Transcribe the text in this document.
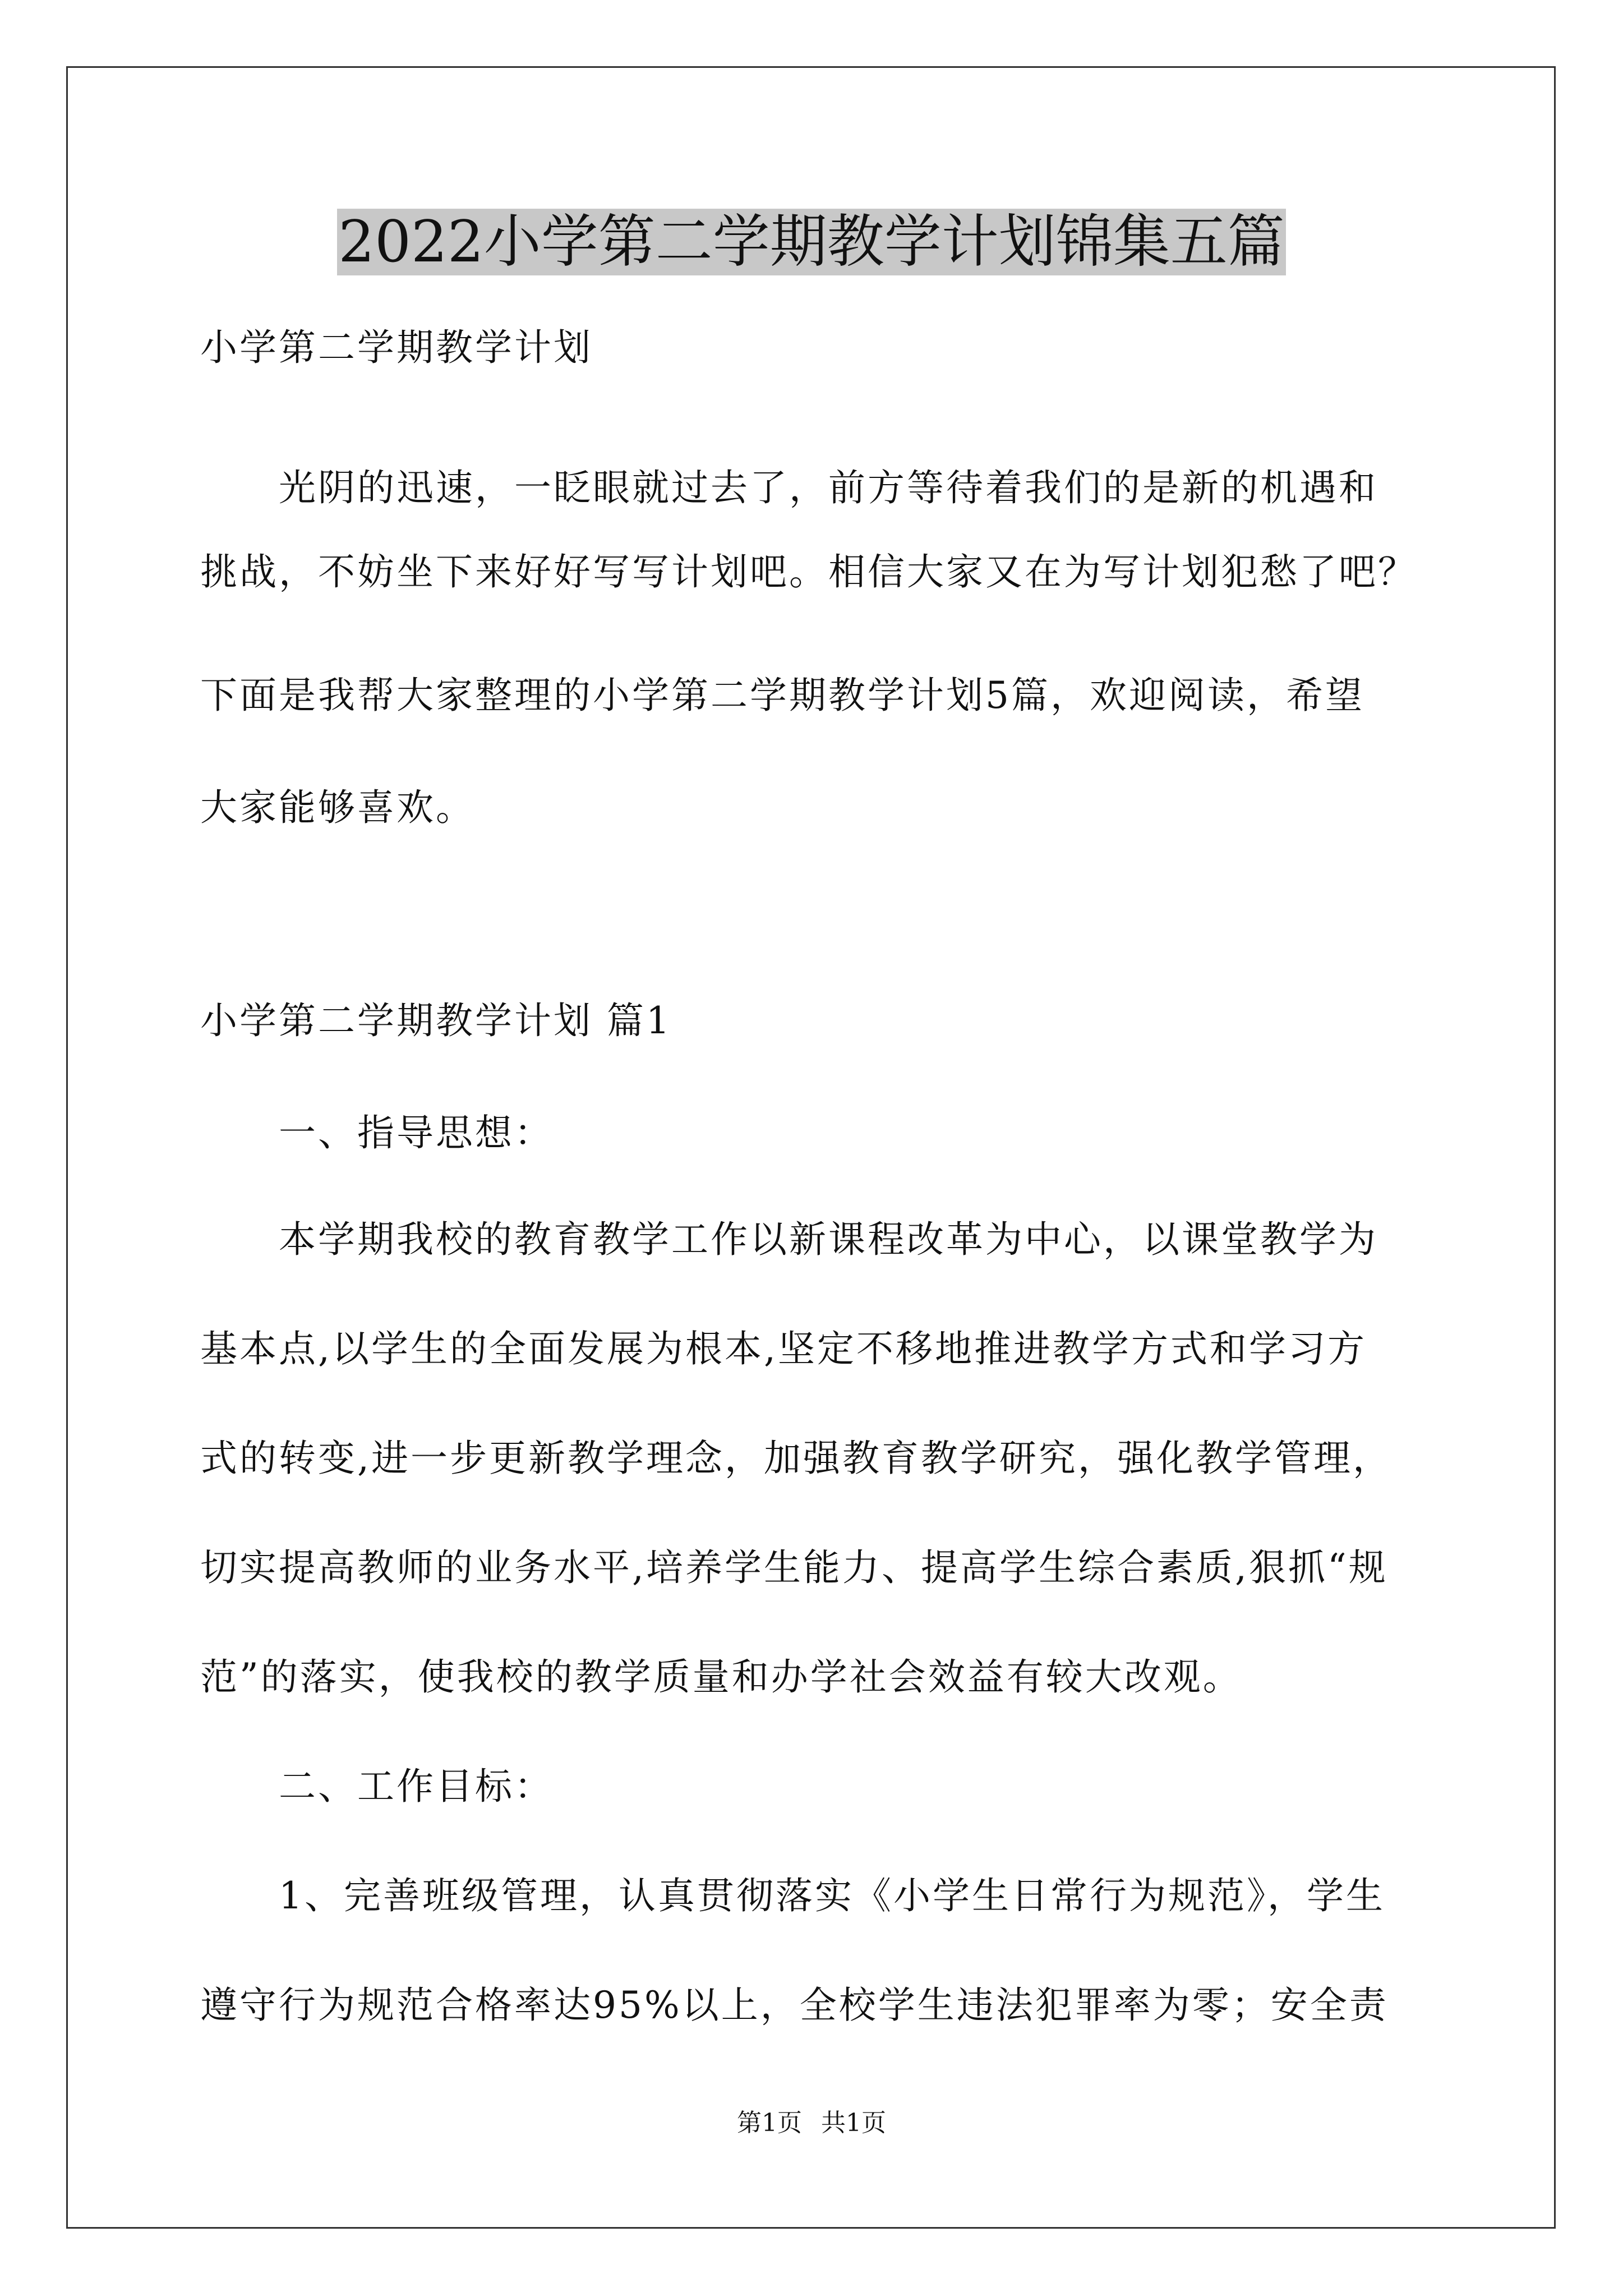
2022小学第二学期教学计划锦集五篇
小学第二学期教学计划
光阴的迅速，一眨眼就过去了，前方等待着我们的是新的机遇和
挑战，不妨坐下来好好写写计划吧。相信大家又在为写计划犯愁了吧？
下面是我帮大家整理的小学第二学期教学计划5篇，欢迎阅读，希望
大家能够喜欢。
小学第二学期教学计划 篇1
一、指导思想：
本学期我校的教育教学工作以新课程改革为中心，以课堂教学为
基本点,以学生的全面发展为根本,坚定不移地推进教学方式和学习方
式的转变,进一步更新教学理念，加强教育教学研究，强化教学管理，
切实提高教师的业务水平,培养学生能力、提高学生综合素质,狠抓“规
范”的落实，使我校的教学质量和办学社会效益有较大改观。
二、工作目标：
1、完善班级管理，认真贯彻落实《小学生日常行为规范》，学生
遵守行为规范合格率达95%以上，全校学生违法犯罪率为零；安全责
第1页 共1页
